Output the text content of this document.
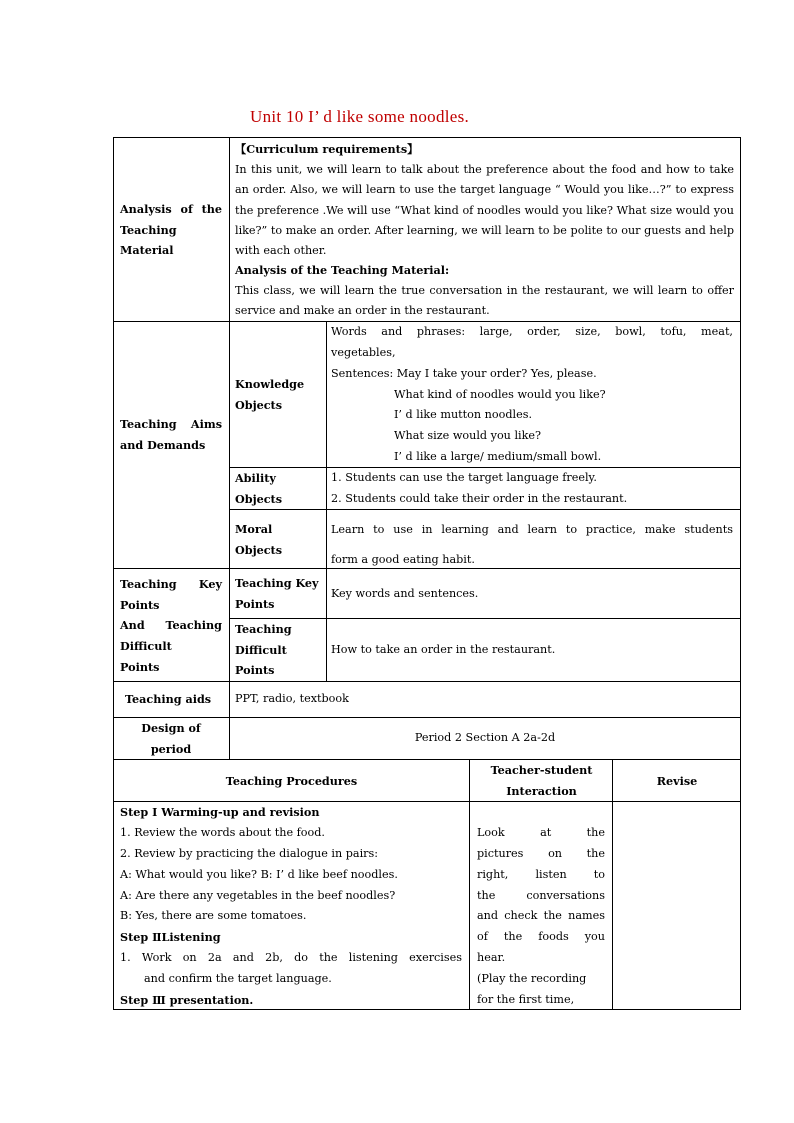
Unit 10 I’ d like some noodles.
Analysis of the
Teaching
Material
【Curriculum requirements】
In this unit, we will learn to talk about the preference about the food and how to take an order. Also, we will learn to use the target language “ Would you like…?” to express the preference .We will use “What kind of noodles would you like? What size would you like?” to make an order. After learning, we will learn to be polite to our guests and help with each other.
Analysis of the Teaching Material:
This class, we will learn the true conversation in the restaurant, we will learn to offer service and make an order in the restaurant.
Teaching Aims
and Demands
Knowledge
Objects
Words and phrases: large, order, size, bowl, tofu, meat,
vegetables,
Sentences: May I take your order? Yes, please.
What kind of noodles would you like?
I’ d like mutton noodles.
What size would you like?
I’ d like a large/ medium/small bowl.
Ability
Objects
1. Students can use the target language freely.
2. Students could take their order in the restaurant.
Moral
Objects
Learn to use in learning and learn to practice, make students
form a good eating habit.
Teaching Key
Points
And Teaching
Difficult
Points
Teaching Key
Points
Key words and sentences.
Teaching
Difficult
Points
How to take an order in the restaurant.
Teaching aids PPT, radio, textbook
Design of
period
Period 2 Section A 2a-2d
Teaching Procedures
Teacher-student
Interaction
Revise
Step I Warming-up and revision
1. Review the words about the food.
2. Review by practicing the dialogue in pairs:
A: What would you like? B: I’ d like beef noodles.
A: Are there any vegetables in the beef noodles?
B: Yes, there are some tomatoes.
Step ⅡListening
1. Work on 2a and 2b, do the listening exercises
and confirm the target language.
Step Ⅲ presentation.
Look at the
pictures on the
right, listen to
the conversations
and check the names
of the foods you
hear.
(Play the recording
for the first time,
